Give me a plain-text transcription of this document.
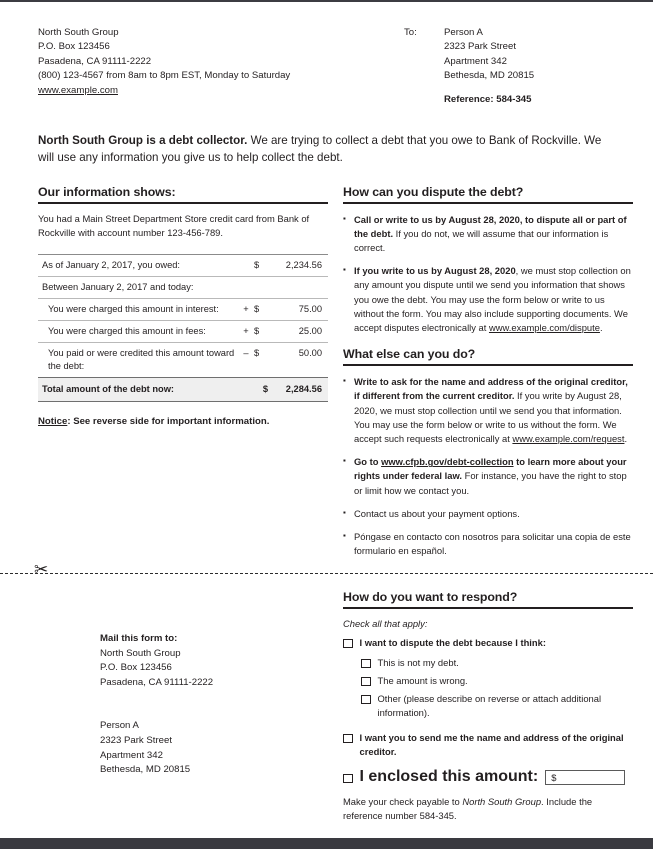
North South Group
P.O. Box 123456
Pasadena, CA 91111-2222
(800) 123-4567 from 8am to 8pm EST, Monday to Saturday
www.example.com
To:	Person A
2323 Park Street
Apartment 342
Bethesda, MD 20815
Reference: 584-345
North South Group is a debt collector. We are trying to collect a debt that you owe to Bank of Rockville. We will use any information you give us to help collect the debt.
Our information shows:
You had a Main Street Department Store credit card from Bank of Rockville with account number 123-456-789.
As of January 2, 2017, you owed:		$	2,234.56
Between January 2, 2017 and today:			
You were charged this amount in interest:	+	$	75.00
You were charged this amount in fees:	+	$	25.00
You paid or were credited this amount toward the debt:	–	$	50.00
Total amount of the debt now:		$	2,284.56
Notice: See reverse side for important information.
How can you dispute the debt?
▪ Call or write to us by August 28, 2020, to dispute all or part of the debt. If you do not, we will assume that our information is correct.
▪ If you write to us by August 28, 2020, we must stop collection on any amount you dispute until we send you information that shows you owe the debt. You may use the form below or write to us without the form. You may also include supporting documents. We accept disputes electronically at www.example.com/dispute.
What else can you do?
▪ Write to ask for the name and address of the original creditor, if different from the current creditor. If you write by August 28, 2020, we must stop collection until we send you that information. You may use the form below or write to us without the form. We accept such requests electronically at www.example.com/request.
▪ Go to www.cfpb.gov/debt-collection to learn more about your rights under federal law. For instance, you have the right to stop or limit how we contact you.
▪ Contact us about your payment options.
▪ Póngase en contacto con nosotros para solicitar una copia de este formulario en español.
✂
Mail this form to:
North South Group
P.O. Box 123456
Pasadena, CA 91111-2222
Person A
2323 Park Street
Apartment 342
Bethesda, MD 20815
How do you want to respond?
Check all that apply:
I want to dispute the debt because I think:
This is not my debt.
The amount is wrong.
Other (please describe on reverse or attach additional information).
I want you to send me the name and address of the original creditor.
I enclosed this amount: $
Make your check payable to North South Group. Include the reference number 584-345.
